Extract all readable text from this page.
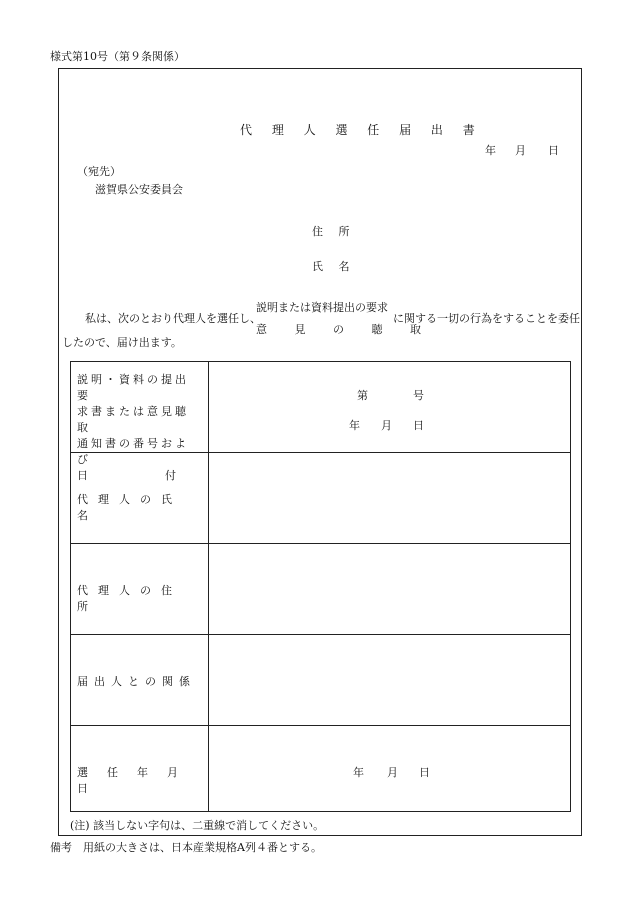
様式第10号（第９条関係）
代 理 人 選 任 届 出 書
年 月 日
（宛先）
滋賀県公安委員会
住 所
氏 名
私は、次のとおり代理人を選任し、
説明または資料提出の要求
意 見 の 聴 取
に関する一切の行為をすることを委任
したので、届け出ます。
説明・資料の提出要
求書または意見聴取
通知書の番号および
日　　　　　　　付
第	号
年 月 日
代理人の氏名
代理人の住所
届出人との関係
選任年月日
年 月 日
(注) 該当しない字句は、二重線で消してください。
備考　用紙の大きさは、日本産業規格A列４番とする。
